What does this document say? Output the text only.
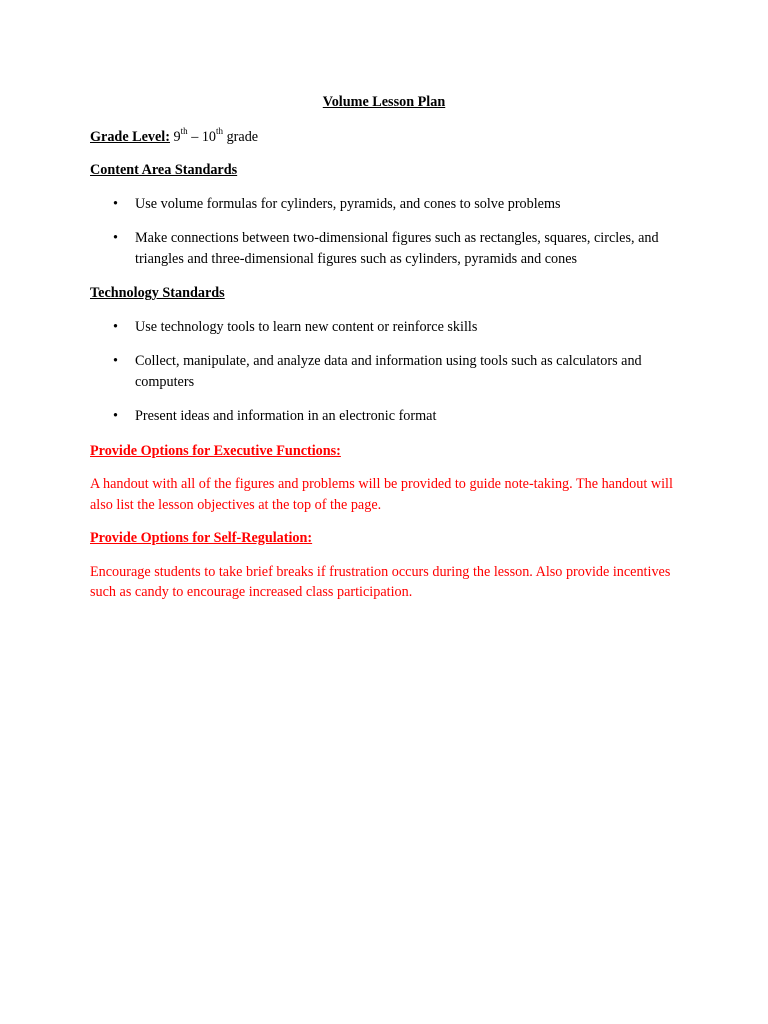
Volume Lesson Plan
Grade Level: 9th – 10th grade
Content Area Standards
• Use volume formulas for cylinders, pyramids, and cones to solve problems
• Make connections between two-dimensional figures such as rectangles, squares, circles, and triangles and three-dimensional figures such as cylinders, pyramids and cones
Technology Standards
• Use technology tools to learn new content or reinforce skills
• Collect, manipulate, and analyze data and information using tools such as calculators and computers
• Present ideas and information in an electronic format
Provide Options for Executive Functions:
A handout with all of the figures and problems will be provided to guide note-taking. The handout will also list the lesson objectives at the top of the page.
Provide Options for Self-Regulation:
Encourage students to take brief breaks if frustration occurs during the lesson. Also provide incentives such as candy to encourage increased class participation.
